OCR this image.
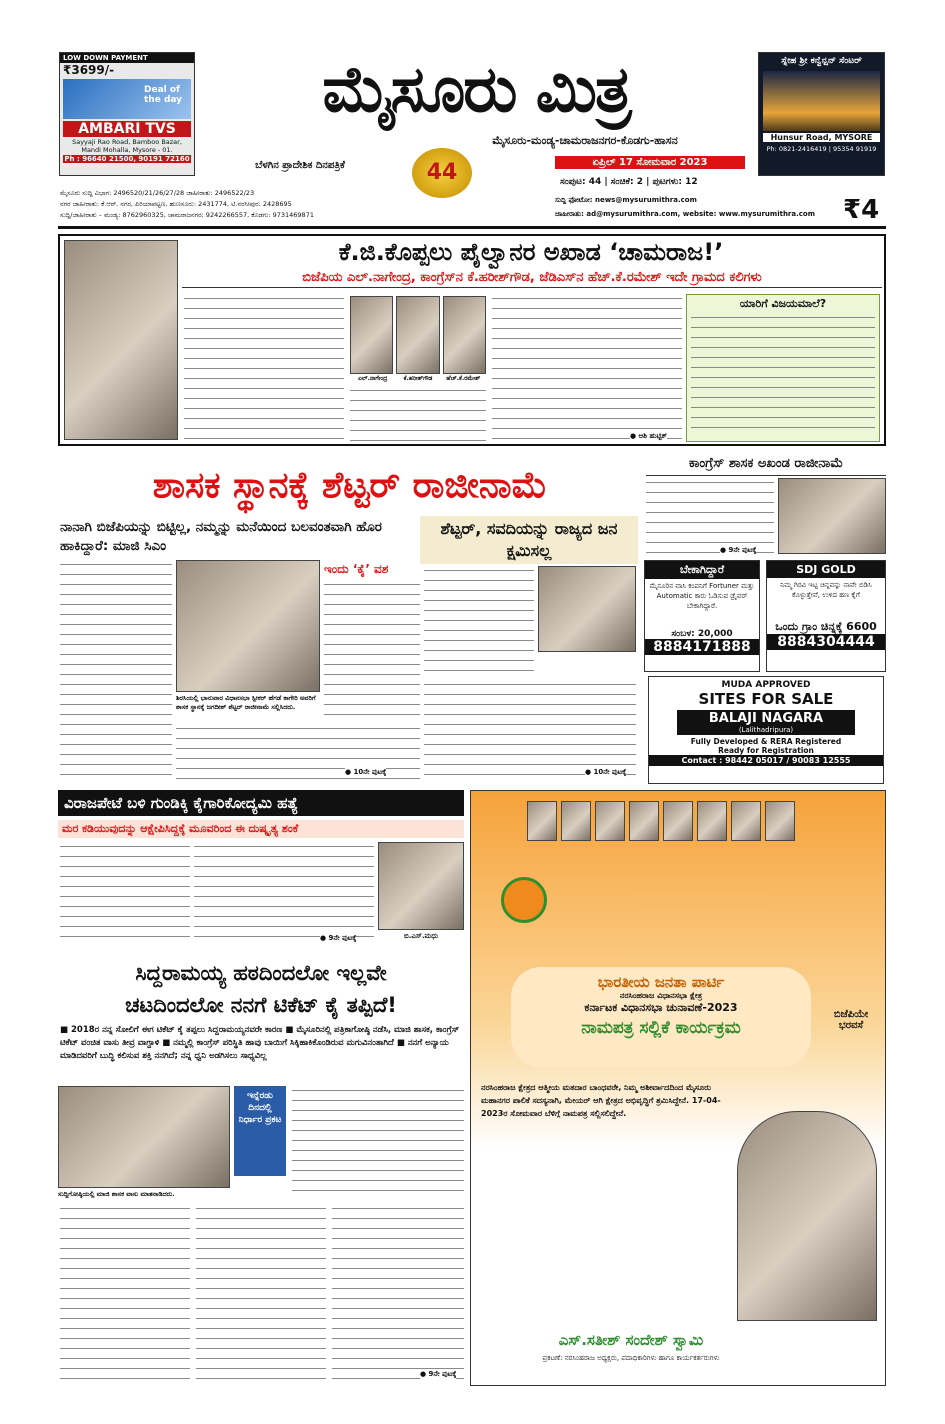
LOW DOWN PAYMENT
₹3699/-
Deal of the day
AMBARI TVS
Sayyaji Rao Road, Bamboo Bazar, Mandi Mohalla, Mysore - 01.
Ph : 96640 21500, 90191 72160
ಮೈಸೂರು ಮಿತ್ರ
ಮೈಸೂರು-ಮಂಡ್ಯ-ಚಾಮರಾಜನಗರ-ಕೊಡಗು-ಹಾಸನ
ಬೆಳಗಿನ ಪ್ರಾದೇಶಿಕ ದಿನಪತ್ರಿಕೆ	44	ಏಪ್ರಿಲ್ 17 ಸೋಮವಾರ 2023
ಸಂಪುಟ: 44 | ಸಂಚಿಕೆ: 2 | ಪುಟಗಳು: 12
ಸ್ನೇಹ ಶ್ರೀ ಕನ್ವೆನ್ಷನ್ ಸೆಂಟರ್
Hunsur Road, MYSORE
Ph: 0821-2416419 | 95354 91919
ಮೈಸೂರು ಸುದ್ದಿ ವಿಭಾಗ: 2496520/21/26/27/28 ಜಾಹೀರಾತು: 2496522/23
ನಗರ ಜಾಹೀರಾತು: ಕೆ.ಆರ್. ನಗರ, ಪಿರಿಯಾಪಟ್ಟಣ, ಹುಣಸೂರು: 2431774, ಟಿ.ನರಸೀಪುರ: 2428695
ಸುದ್ದಿ/ಜಾಹೀರಾತು – ಮಂಡ್ಯ: 8762960325, ಚಾಮರಾಜನಗರ: 9242266557, ಕೊಡಗು: 9731469871
ಸುದ್ದಿ ಫೋಟೋ: news@mysurumithra.com
ಜಾಹೀರಾತು: ad@mysurumithra.com, website: www.mysurumithra.com	₹4
ಕೆ.ಜಿ.ಕೊಪ್ಪಲು ಪೈಲ್ವಾನರ ಅಖಾಡ ‘ಚಾಮರಾಜ!’
ಬಿಜೆಪಿಯ ಎಲ್.ನಾಗೇಂದ್ರ, ಕಾಂಗ್ರೆಸ್‌ನ ಕೆ.ಹರೀಶ್‌ಗೌಡ, ಜೆಡಿಎಸ್‌ನ ಹೆಚ್.ಕೆ.ರಮೇಶ್ ಇದೇ ಗ್ರಾಮದ ಕಲಿಗಳು
ಎಲ್.ನಾಗೇಂದ್ರ	ಕೆ.ಹರೀಶ್‌ಗೌಡ	ಹೆಚ್.ಕೆ.ರಮೇಶ್
● ಆಶಿ ಹುಟ್ಟಿಕ್
ಯಾರಿಗೆ ವಿಜಯಮಾಲೆ?
ಶಾಸಕ ಸ್ಥಾನಕ್ಕೆ ಶೆಟ್ಟರ್ ರಾಜೀನಾಮೆ
ನಾನಾಗಿ ಬಿಜೆಪಿಯನ್ನು ಬಿಟ್ಟಿಲ್ಲ, ನಮ್ಮನ್ನು ಮನೆಯಿಂದ ಬಲವಂತವಾಗಿ ಹೊರ ಹಾಕಿದ್ದಾರೆ: ಮಾಜಿ ಸಿಎಂ
ಶಿರಸಿಯಲ್ಲಿ ಭಾನುವಾರ ವಿಧಾನಸಭಾ ಸ್ಪೀಕರ್ ಹೆಗಡೆ ಕಾಗೇರಿ ಅವರಿಗೆ ಶಾಸಕ ಸ್ಥಾನಕ್ಕೆ ಜಗದೀಶ್ ಶೆಟ್ಟರ್ ರಾಜೀನಾಮೆ ಸಲ್ಲಿಸಿದರು.
ಇಂದು ‘ಕೈ’ ವಶ
● 10ನೇ ಪುಟಕ್ಕೆ
ಶೆಟ್ಟರ್, ಸವದಿಯನ್ನು ರಾಜ್ಯದ ಜನ ಕ್ಷಮಿಸಲ್ಲ
● 10ನೇ ಪುಟಕ್ಕೆ
ಕಾಂಗ್ರೆಸ್ ಶಾಸಕ ಅಖಂಡ ರಾಜೀನಾಮೆ
● 9ನೇ ಪುಟಕ್ಕೆ
ಬೇಕಾಗಿದ್ದಾರೆ
ಮೈಸೂರಿನ ವಾಸಿ ಕಂಪನಿಗೆ Fortuner ಮತ್ತು Automatic ಕಾರು ಓಡಿಸುವ ಡ್ರೈವರ್ ಬೇಕಾಗಿದ್ದಾರೆ.
ಸಂಬಳ: 20,000
8884171888
SDJ GOLD
ನಿಮ್ಮ ಗಿರವಿ ಇಟ್ಟ ಚಿನ್ನವನ್ನು ನಾವೇ ಬಿಡಿಸಿ ಕೊಳ್ಳುತ್ತೇವೆ, ಉಳಿದ ಹಣ ಕೈಗೆ
ಒಂದು ಗ್ರಾಂ ಚಿನ್ನಕ್ಕೆ 6600
8884304444
MUDA APPROVED
SITES FOR SALE
BALAJI NAGARA
(Lalithadripura)
Fully Developed & RERA Registered
Ready for Registration
Contact : 98442 05017 / 90083 12555
ವಿರಾಜಪೇಟೆ ಬಳಿ ಗುಂಡಿಕ್ಕಿ ಕೈಗಾರಿಕೋದ್ಯಮಿ ಹತ್ಯೆ
ಮರ ಕಡಿಯುವುದನ್ನು ಆಕ್ಷೇಪಿಸಿದ್ದಕ್ಕೆ ಮೂವರಿಂದ ಈ ದುಷ್ಕೃತ್ಯ ಶಂಕೆ
ಬಿ.ಎಸ್.ಮಧು
● 9ನೇ ಪುಟಕ್ಕೆ
ಸಿದ್ದರಾಮಯ್ಯ ಹಠದಿಂದಲೋ ಇಲ್ಲವೇ
ಚಟದಿಂದಲೋ ನನಗೆ ಟಿಕೆಟ್ ಕೈ ತಪ್ಪಿದೆ!
■ 2018ರ ನನ್ನ ಸೋಲಿಗೆ ಈಗ ಟಿಕೆಟ್ ಕೈ ತಪ್ಪಲು ಸಿದ್ದರಾಮಯ್ಯನವರೇ ಕಾರಣ ■ ಮೈಸೂರಿನಲ್ಲಿ ಪತ್ರಿಕಾಗೋಷ್ಠಿ ನಡೆಸಿ, ಮಾಜಿ ಶಾಸಕ, ಕಾಂಗ್ರೆಸ್ ಟಿಕೆಟ್ ವಂಚಿತ ವಾಸು ತೀವ್ರ ವಾಗ್ದಾಳಿ ■ ನಮ್ಮಲ್ಲಿ ಕಾಂಗ್ರೆಸ್ ಪರಿಸ್ಥಿತಿ ಹಾವು ಬಾಯಿಗೆ ಸಿಕ್ಕಿಹಾಕಿಕೊಂಡಿರುವ ಮಗುವಿನಂತಾಗಿದೆ ■ ನನಗೆ ಅನ್ಯಾಯ ಮಾಡಿದವರಿಗೆ ಬುದ್ಧಿ ಕಲಿಸುವ ಶಕ್ತಿ ನನಗಿದೆ; ನನ್ನ ಧ್ವನಿ ಅಡಗಿಸಲು ಸಾಧ್ಯವಿಲ್ಲ
ಸುದ್ದಿಗೋಷ್ಠಿಯಲ್ಲಿ ಮಾಜಿ ಶಾಸಕ ವಾಸು ಮಾತನಾಡಿದರು.
ಇನ್ನೆರಡು ದಿನದಲ್ಲಿ ನಿರ್ಧಾರ ಪ್ರಕಟ
● 9ನೇ ಪುಟಕ್ಕೆ
ಭಾರತೀಯ ಜನತಾ ಪಾರ್ಟಿ
ನರಸಿಂಹರಾಜ ವಿಧಾನಸಭಾ ಕ್ಷೇತ್ರ
ಕರ್ನಾಟಕ ವಿಧಾನಸಭಾ ಚುನಾವಣೆ-2023
ನಾಮಪತ್ರ ಸಲ್ಲಿಕೆ ಕಾರ್ಯಕ್ರಮ
ಬಿಜೆಪಿಯೇ ಭರವಸೆ
ನರಸಿಂಹರಾಜ ಕ್ಷೇತ್ರದ ಆತ್ಮೀಯ ಮತದಾರ ಬಾಂಧವರೇ, ನಿಮ್ಮ ಅಶೀರ್ವಾದದಿಂದ ಮೈಸೂರು ಮಹಾನಗರ ಪಾಲಿಕೆ ಸದಸ್ಯನಾಗಿ, ಮೇಯರ್ ಆಗಿ ಕ್ಷೇತ್ರದ ಅಭಿವೃದ್ಧಿಗೆ ಶ್ರಮಿಸಿದ್ದೇನೆ. 17-04-2023ರ ಸೋಮವಾರ ಬೆಳಿಗ್ಗೆ ನಾಮಪತ್ರ ಸಲ್ಲಿಸಲಿದ್ದೇನೆ.
ಎಸ್.ಸತೀಶ್ ಸಂದೇಶ್ ಸ್ವಾಮಿ
ಪ್ರಕಟಣೆ: ನರಸಿಂಹರಾಜ ಅಧ್ಯಕ್ಷರು, ಪದಾಧಿಕಾರಿಗಳು ಹಾಗೂ ಕಾರ್ಯಕರ್ತರುಗಳು
